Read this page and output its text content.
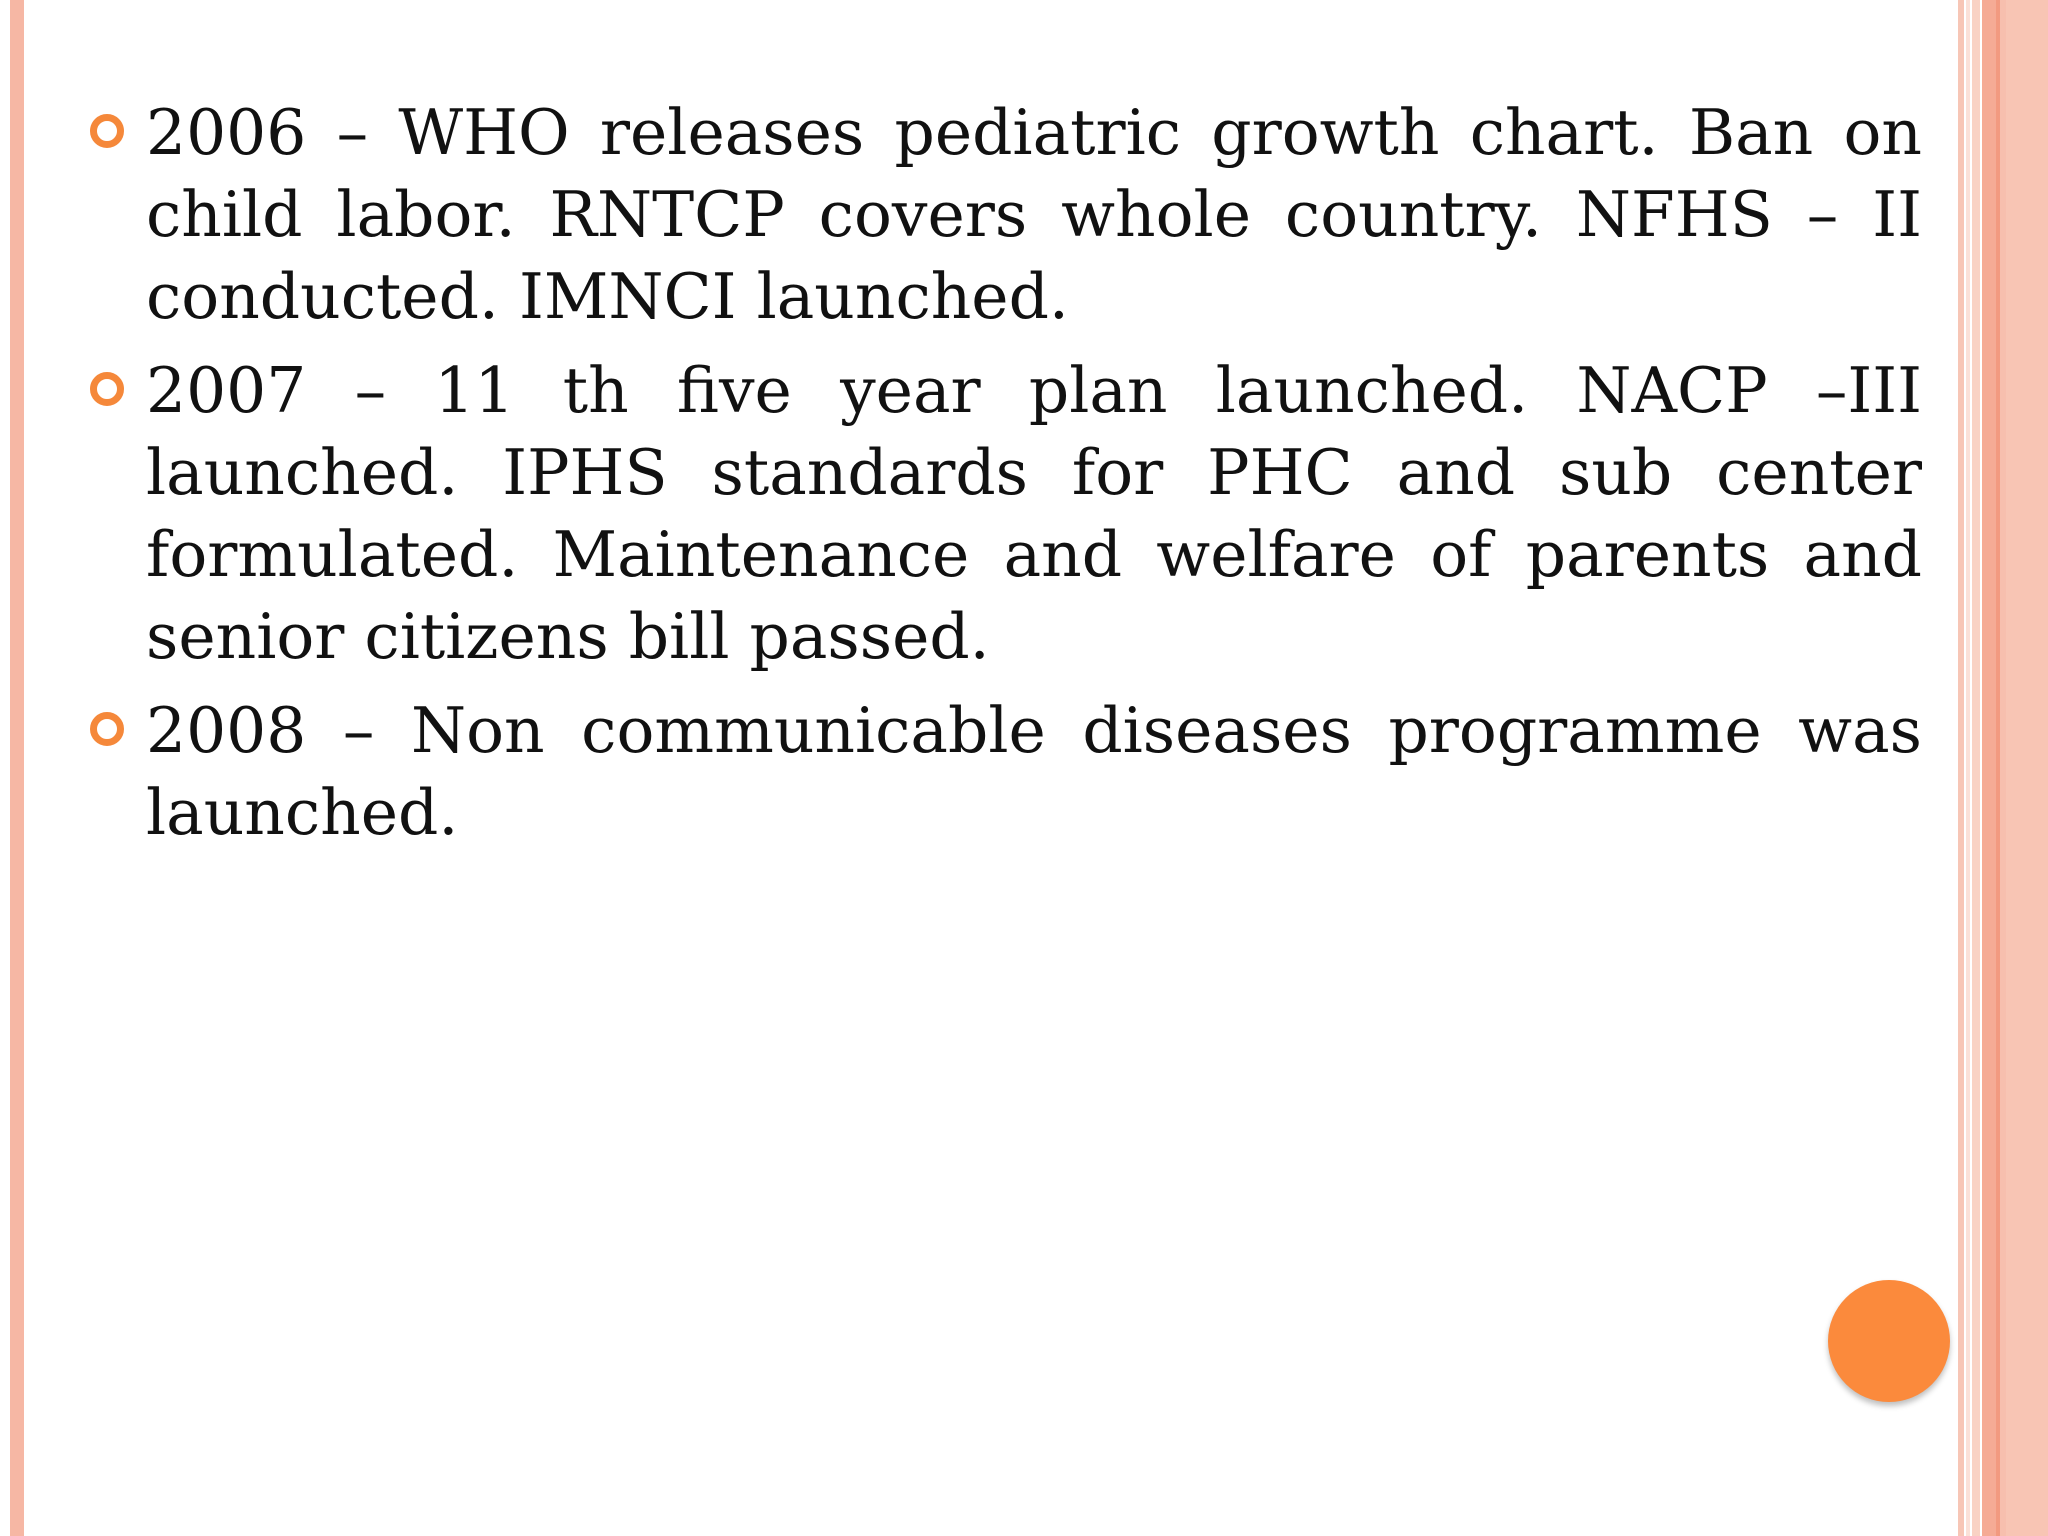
2006 – WHO releases pediatric growth chart. Ban on child labor. RNTCP covers whole country. NFHS – II conducted. IMNCI launched.
2007 – 11 th five year plan launched. NACP –III launched. IPHS standards for PHC and sub center formulated. Maintenance and welfare of parents and senior citizens bill passed.
2008 – Non communicable diseases programme was launched.
